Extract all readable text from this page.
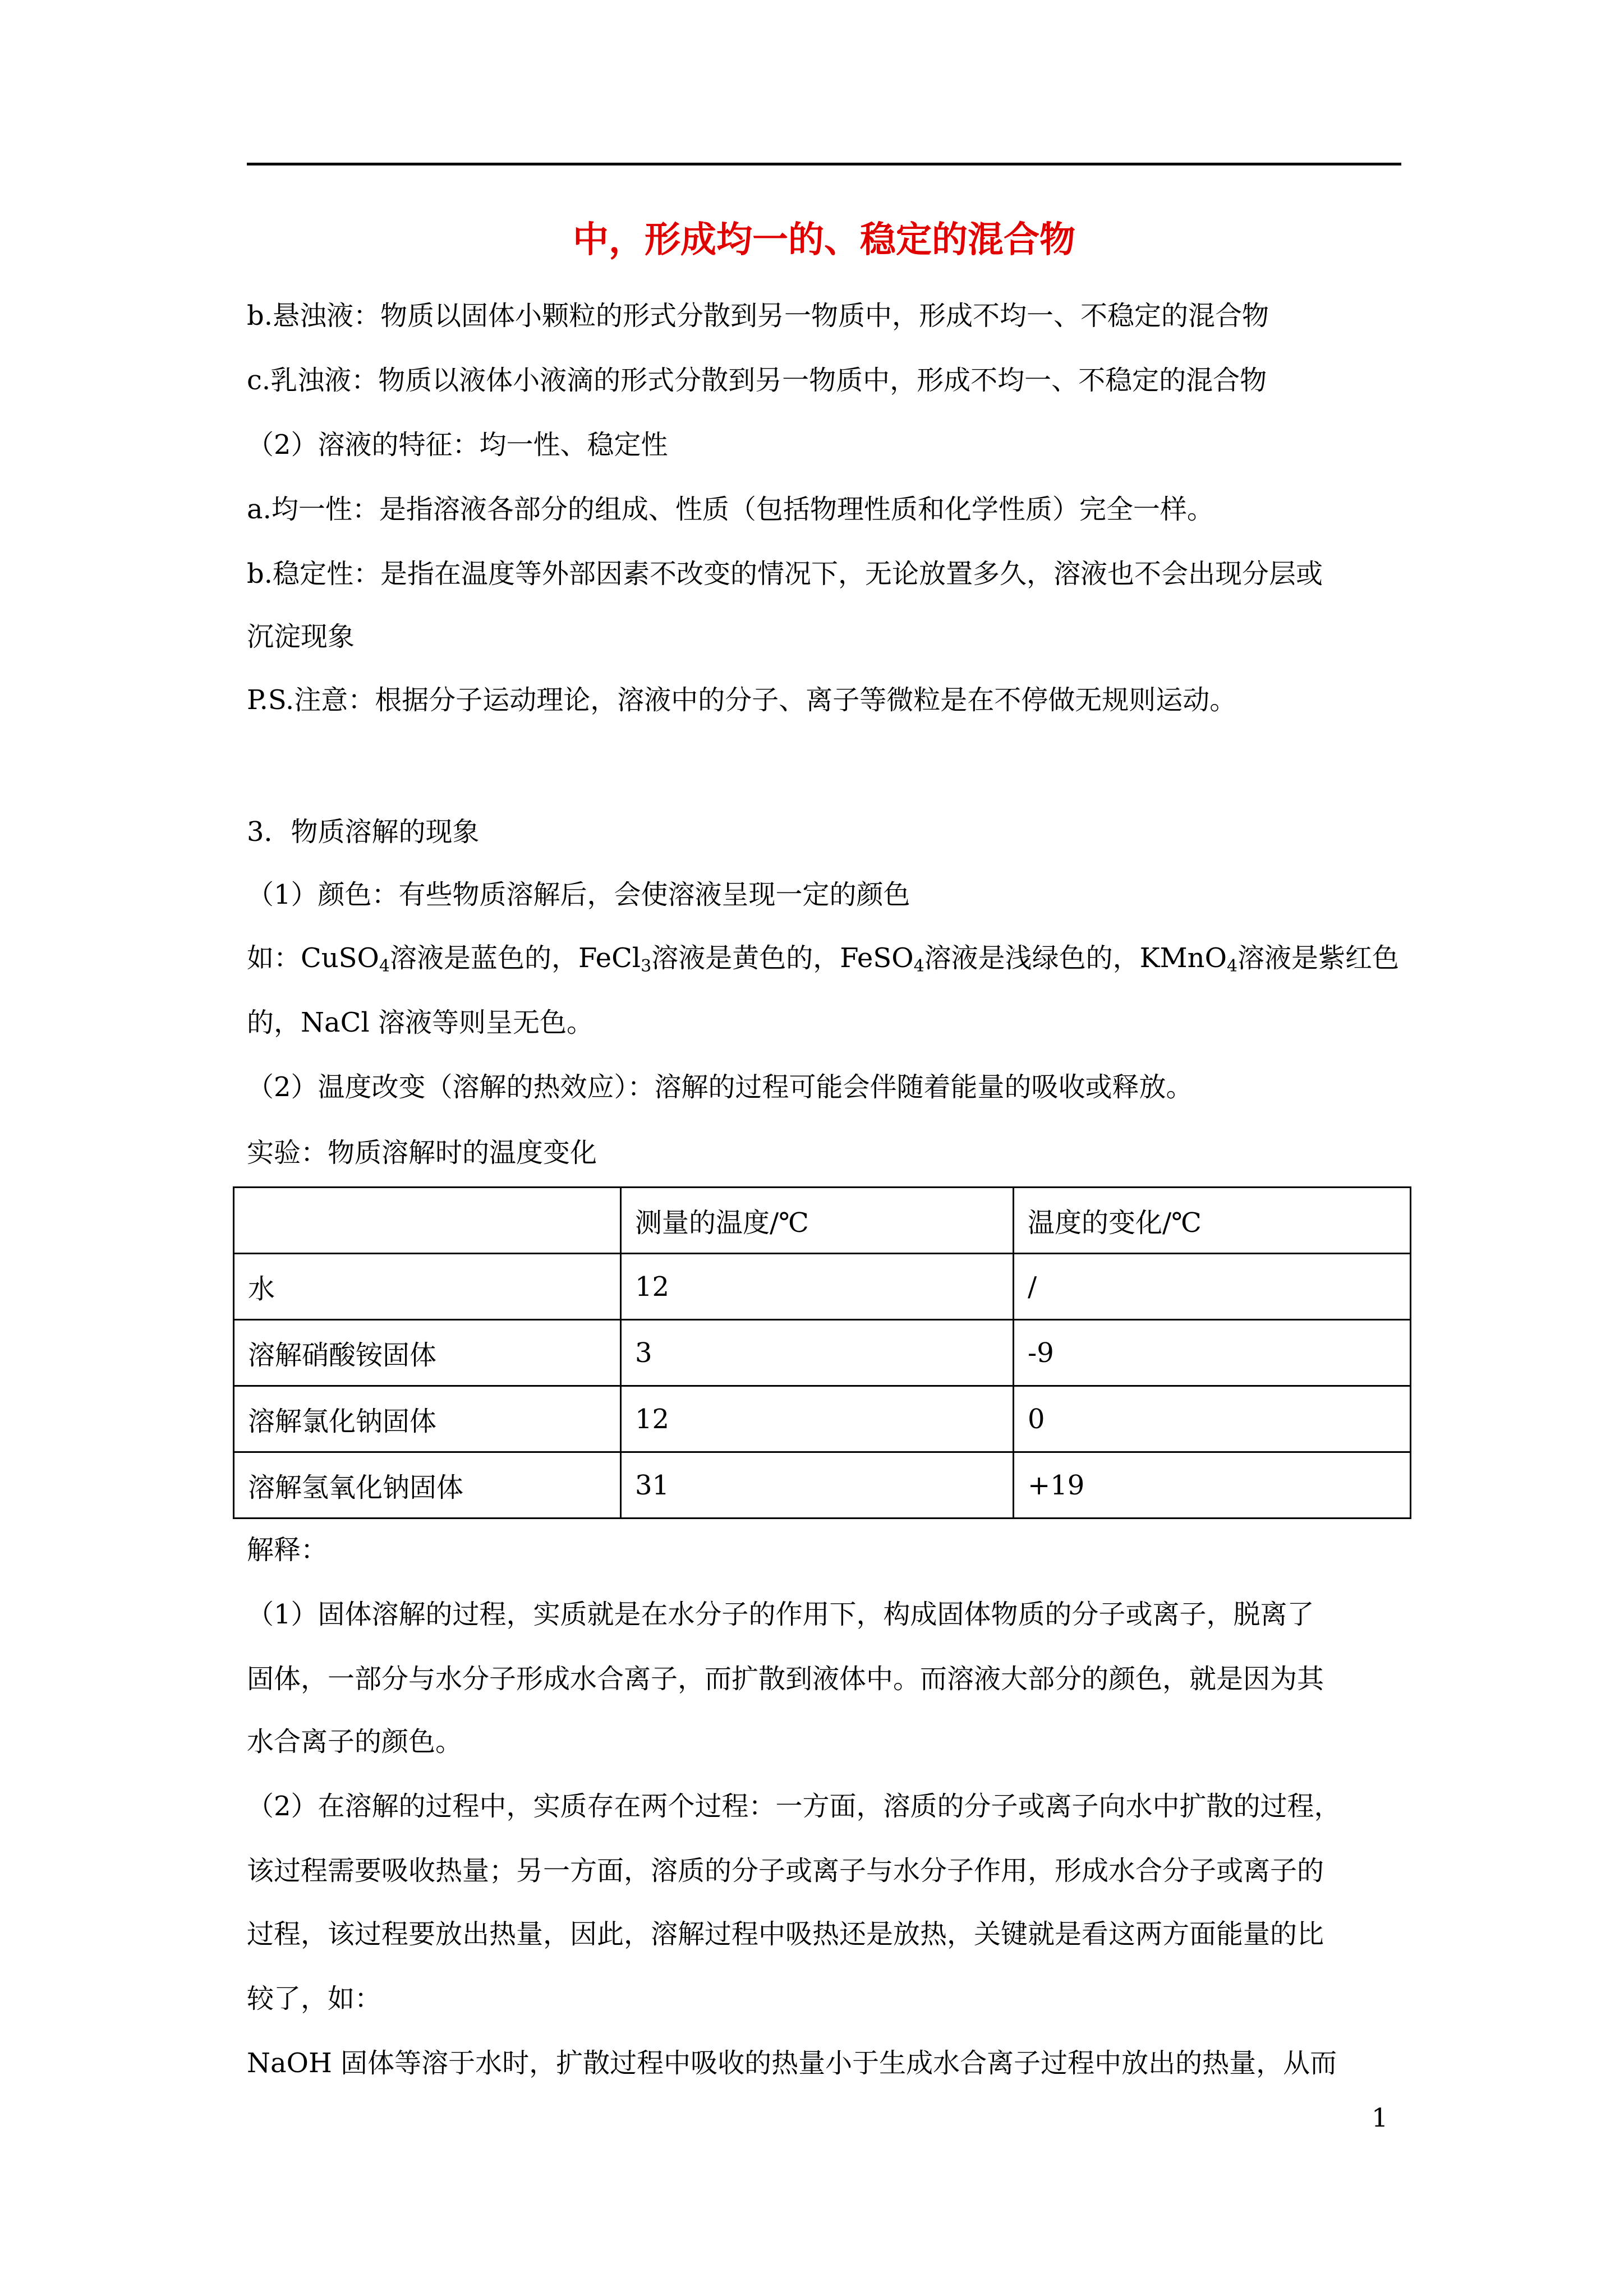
中，形成均一的、稳定的混合物
b.悬浊液：物质以固体小颗粒的形式分散到另一物质中，形成不均一、不稳定的混合物
c.乳浊液：物质以液体小液滴的形式分散到另一物质中，形成不均一、不稳定的混合物
（2）溶液的特征：均一性、稳定性
a.均一性：是指溶液各部分的组成、性质（包括物理性质和化学性质）完全一样。
b.稳定性：是指在温度等外部因素不改变的情况下，无论放置多久，溶液也不会出现分层或
沉淀现象
P.S.注意：根据分子运动理论，溶液中的分子、离子等微粒是在不停做无规则运动。
3．物质溶解的现象
（1）颜色：有些物质溶解后，会使溶液呈现一定的颜色
如：CuSO$_4$溶液是蓝色的，FeCl$_3$溶液是黄色的，FeSO$_4$溶液是浅绿色的，KMnO$_4$溶液是紫红色
的，NaCl 溶液等则呈无色。
（2）温度改变（溶解的热效应）：溶解的过程可能会伴随着能量的吸收或释放。
实验：物质溶解时的温度变化
	测量的温度/℃	温度的变化/℃
水	12	/
溶解硝酸铵固体	3	-9
溶解氯化钠固体	12	0
溶解氢氧化钠固体	31	+19
解释：
（1）固体溶解的过程，实质就是在水分子的作用下，构成固体物质的分子或离子，脱离了
固体，一部分与水分子形成水合离子，而扩散到液体中。而溶液大部分的颜色，就是因为其
水合离子的颜色。
（2）在溶解的过程中，实质存在两个过程：一方面，溶质的分子或离子向水中扩散的过程，
该过程需要吸收热量；另一方面，溶质的分子或离子与水分子作用，形成水合分子或离子的
过程，该过程要放出热量，因此，溶解过程中吸热还是放热，关键就是看这两方面能量的比
较了，如：
NaOH 固体等溶于水时，扩散过程中吸收的热量小于生成水合离子过程中放出的热量，从而
1
